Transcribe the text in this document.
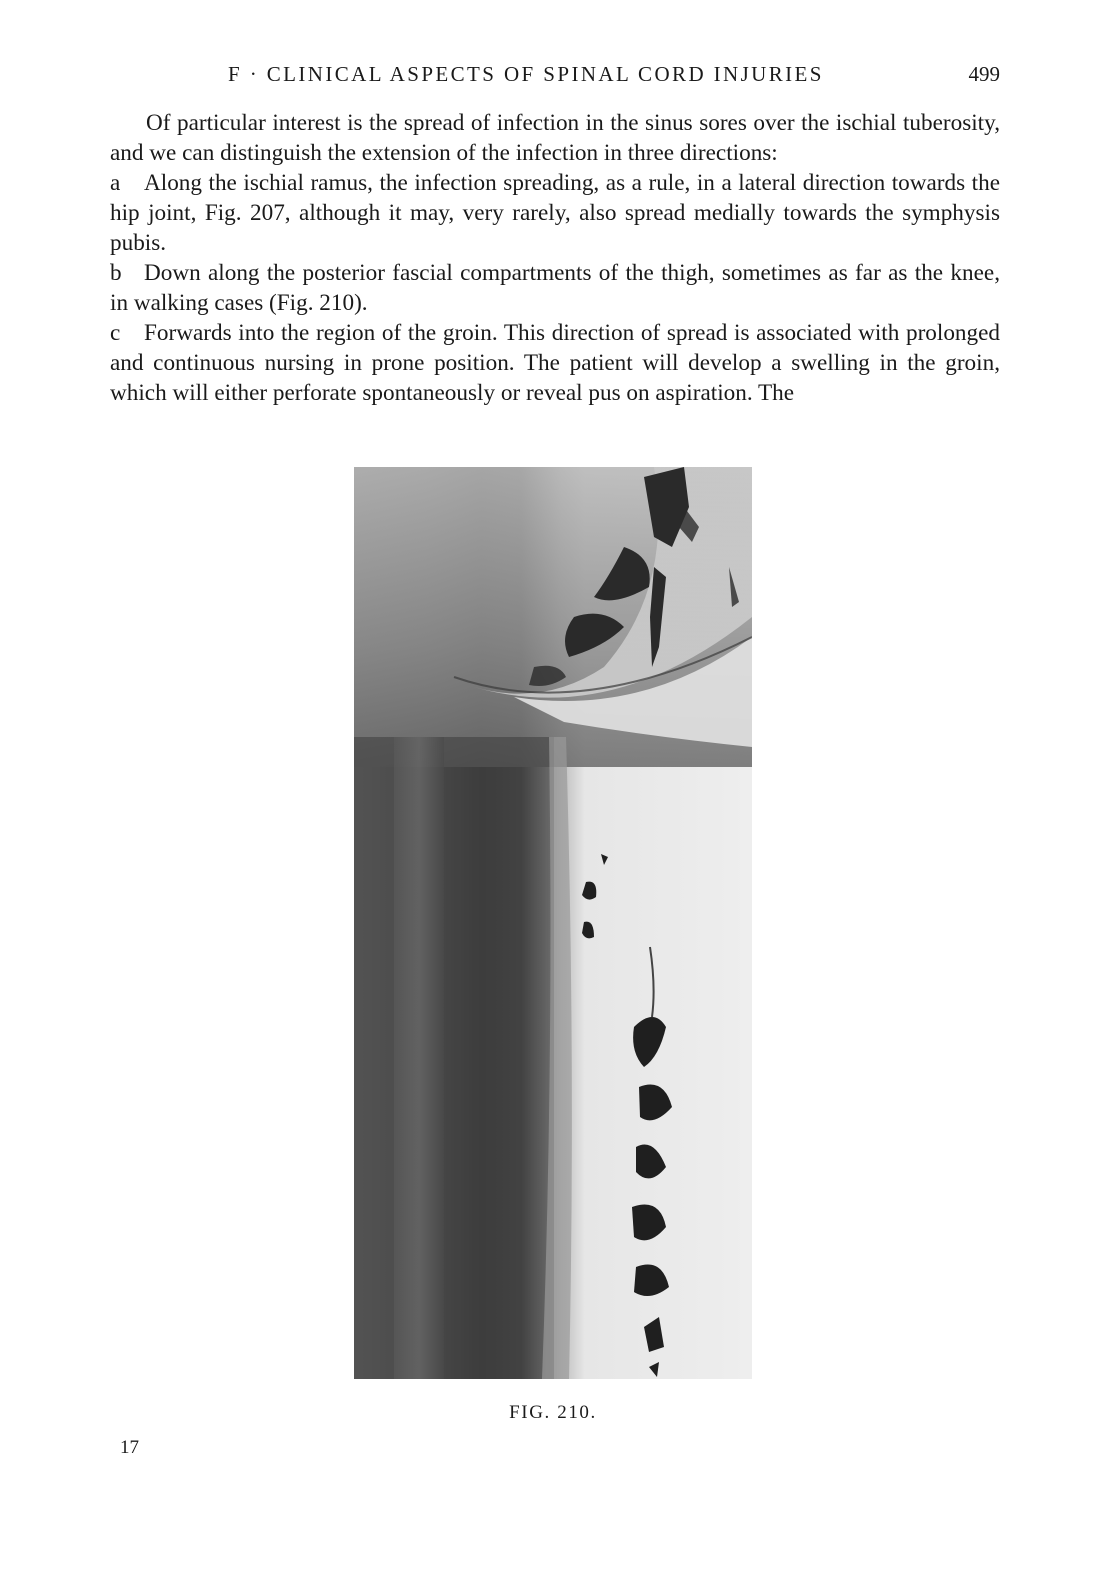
F · CLINICAL ASPECTS OF SPINAL CORD INJURIES	499

Of particular interest is the spread of infection in the sinus sores over the ischial tuberosity, and we can distinguish the extension of the infection in three directions:

a Along the ischial ramus, the infection spreading, as a rule, in a lateral direction towards the hip joint, Fig. 207, although it may, very rarely, also spread medially towards the symphysis pubis.

b Down along the posterior fascial compartments of the thigh, sometimes as far as the knee, in walking cases (Fig. 210).

c Forwards into the region of the groin. This direction of spread is associated with prolonged and continuous nursing in prone position. The patient will develop a swelling in the groin, which will either perforate spontaneously or reveal pus on aspiration. The

FIG. 210.
17
